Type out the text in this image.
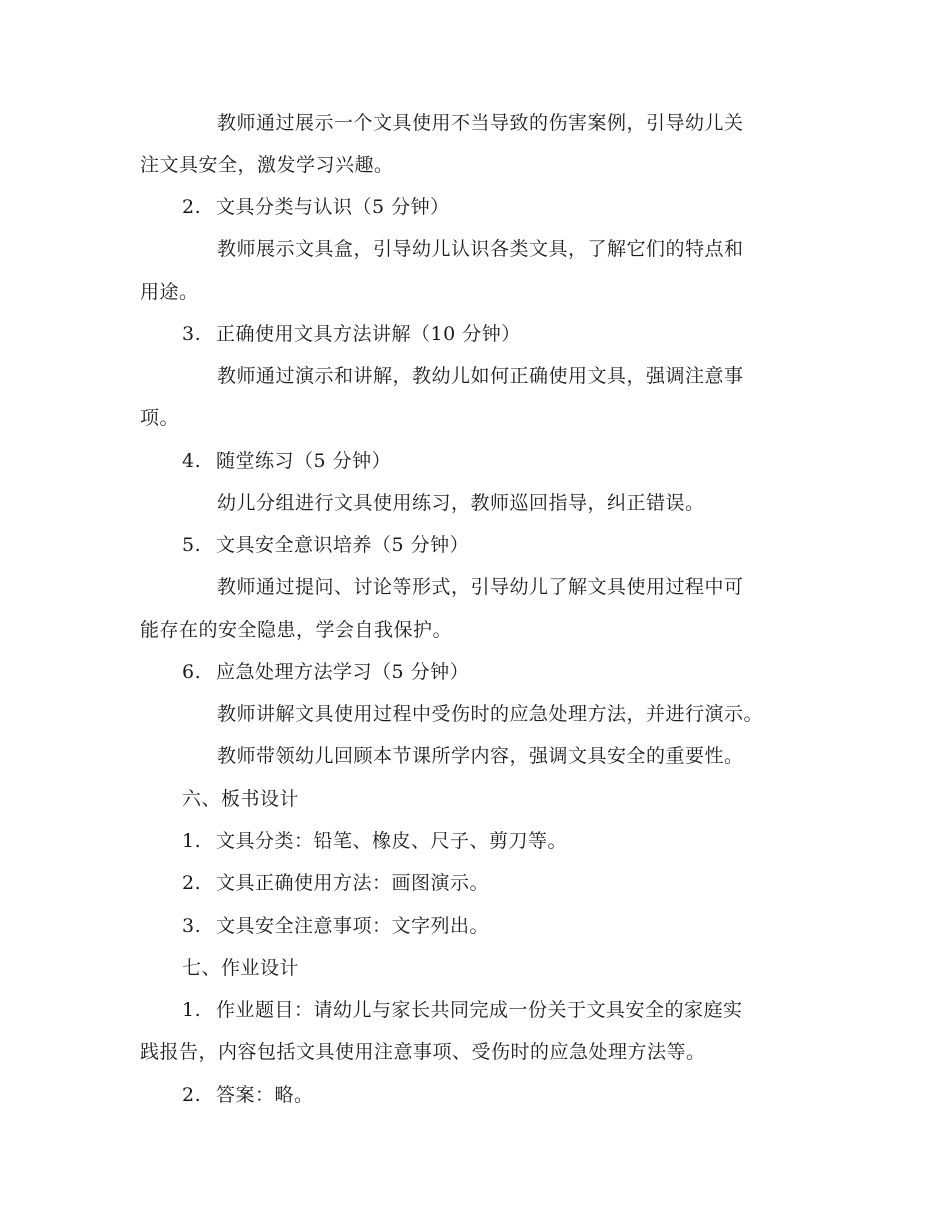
教师通过展示一个文具使用不当导致的伤害案例，引导幼儿关
注文具安全，激发学习兴趣。
2. 文具分类与认识（5 分钟）
教师展示文具盒，引导幼儿认识各类文具，了解它们的特点和
用途。
3. 正确使用文具方法讲解（10 分钟）
教师通过演示和讲解，教幼儿如何正确使用文具，强调注意事
项。
4. 随堂练习（5 分钟）
幼儿分组进行文具使用练习，教师巡回指导，纠正错误。
5. 文具安全意识培养（5 分钟）
教师通过提问、讨论等形式，引导幼儿了解文具使用过程中可
能存在的安全隐患，学会自我保护。
6. 应急处理方法学习（5 分钟）
教师讲解文具使用过程中受伤时的应急处理方法，并进行演示。
教师带领幼儿回顾本节课所学内容，强调文具安全的重要性。
六、板书设计
1. 文具分类：铅笔、橡皮、尺子、剪刀等。
2. 文具正确使用方法：画图演示。
3. 文具安全注意事项：文字列出。
七、作业设计
1. 作业题目：请幼儿与家长共同完成一份关于文具安全的家庭实
践报告，内容包括文具使用注意事项、受伤时的应急处理方法等。
2. 答案：略。
